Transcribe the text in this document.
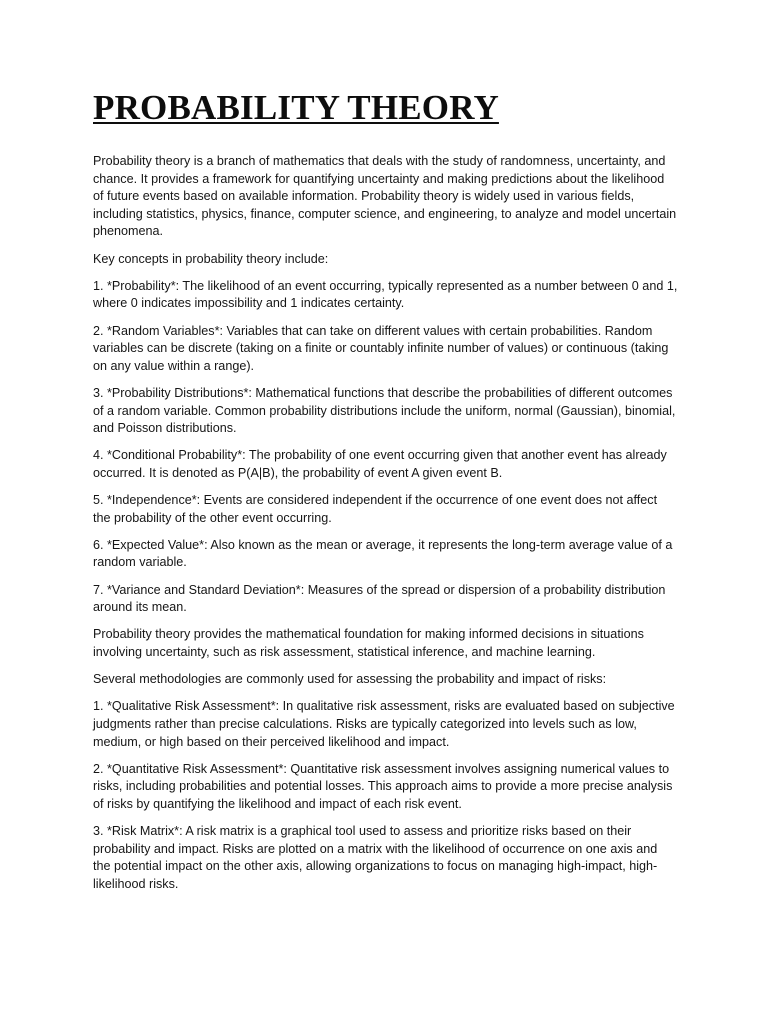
PROBABILITY THEORY

Probability theory is a branch of mathematics that deals with the study of randomness, uncertainty, and chance. It provides a framework for quantifying uncertainty and making predictions about the likelihood of future events based on available information. Probability theory is widely used in various fields, including statistics, physics, finance, computer science, and engineering, to analyze and model uncertain phenomena.

Key concepts in probability theory include:

1. *Probability*: The likelihood of an event occurring, typically represented as a number between 0 and 1, where 0 indicates impossibility and 1 indicates certainty.

2. *Random Variables*: Variables that can take on different values with certain probabilities. Random variables can be discrete (taking on a finite or countably infinite number of values) or continuous (taking on any value within a range).

3. *Probability Distributions*: Mathematical functions that describe the probabilities of different outcomes of a random variable. Common probability distributions include the uniform, normal (Gaussian), binomial, and Poisson distributions.

4. *Conditional Probability*: The probability of one event occurring given that another event has already occurred. It is denoted as P(A|B), the probability of event A given event B.

5. *Independence*: Events are considered independent if the occurrence of one event does not affect the probability of the other event occurring.

6. *Expected Value*: Also known as the mean or average, it represents the long-term average value of a random variable.

7. *Variance and Standard Deviation*: Measures of the spread or dispersion of a probability distribution around its mean.

Probability theory provides the mathematical foundation for making informed decisions in situations involving uncertainty, such as risk assessment, statistical inference, and machine learning.

Several methodologies are commonly used for assessing the probability and impact of risks:

1. *Qualitative Risk Assessment*: In qualitative risk assessment, risks are evaluated based on subjective judgments rather than precise calculations. Risks are typically categorized into levels such as low, medium, or high based on their perceived likelihood and impact.

2. *Quantitative Risk Assessment*: Quantitative risk assessment involves assigning numerical values to risks, including probabilities and potential losses. This approach aims to provide a more precise analysis of risks by quantifying the likelihood and impact of each risk event.

3. *Risk Matrix*: A risk matrix is a graphical tool used to assess and prioritize risks based on their probability and impact. Risks are plotted on a matrix with the likelihood of occurrence on one axis and the potential impact on the other axis, allowing organizations to focus on managing high-impact, high-likelihood risks.
